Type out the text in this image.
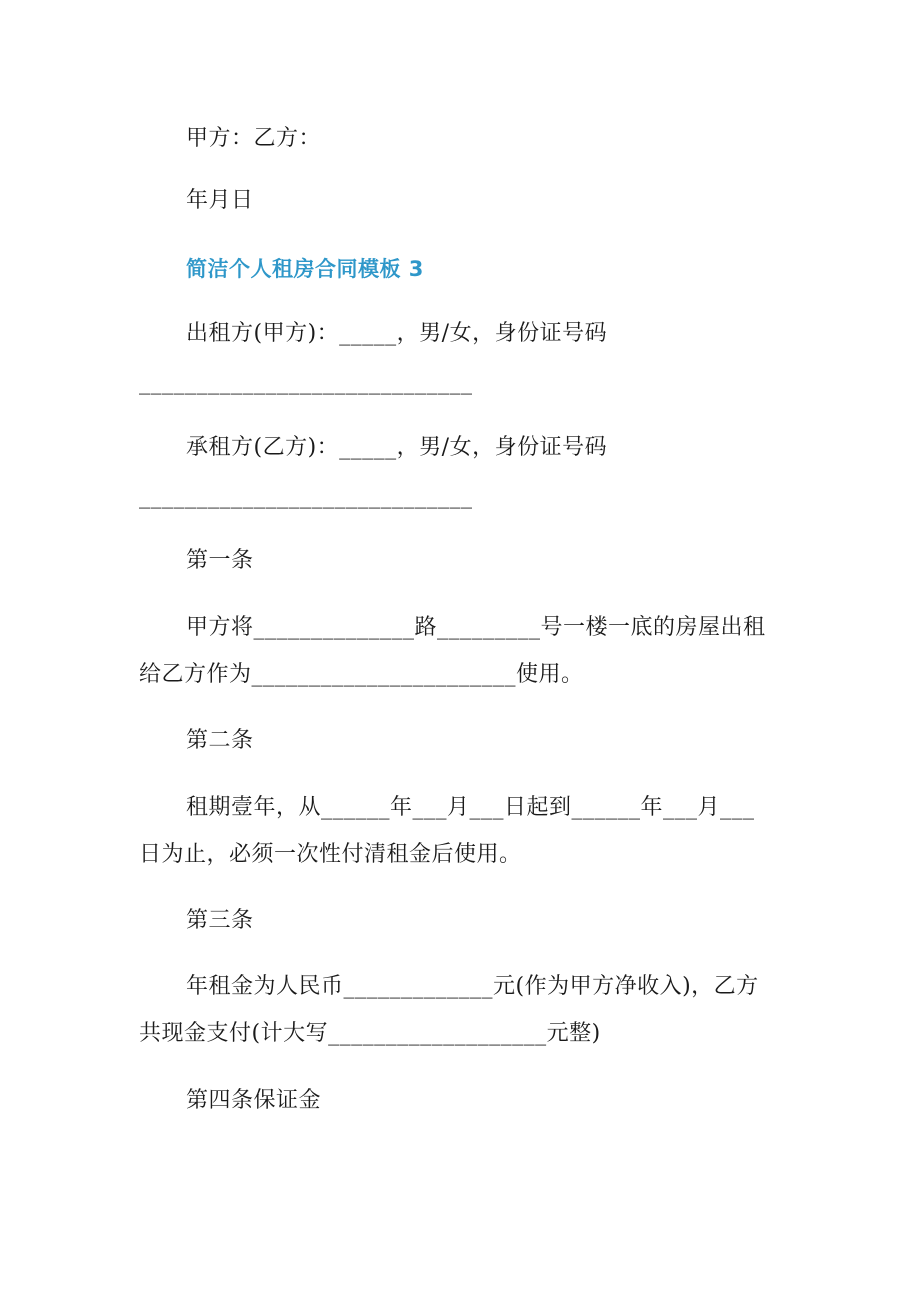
甲方：乙方：
年月日
简洁个人租房合同模板 3
出租方(甲方)：_____，男/女，身份证号码
_____________________________
承租方(乙方)：_____，男/女，身份证号码
_____________________________
第一条
甲方将______________路_________号一楼一底的房屋出租
给乙方作为_______________________使用。
第二条
租期壹年，从______年___月___日起到______年___月___
日为止，必须一次性付清租金后使用。
第三条
年租金为人民币_____________元(作为甲方净收入)，乙方
共现金支付(计大写___________________元整)
第四条保证金
